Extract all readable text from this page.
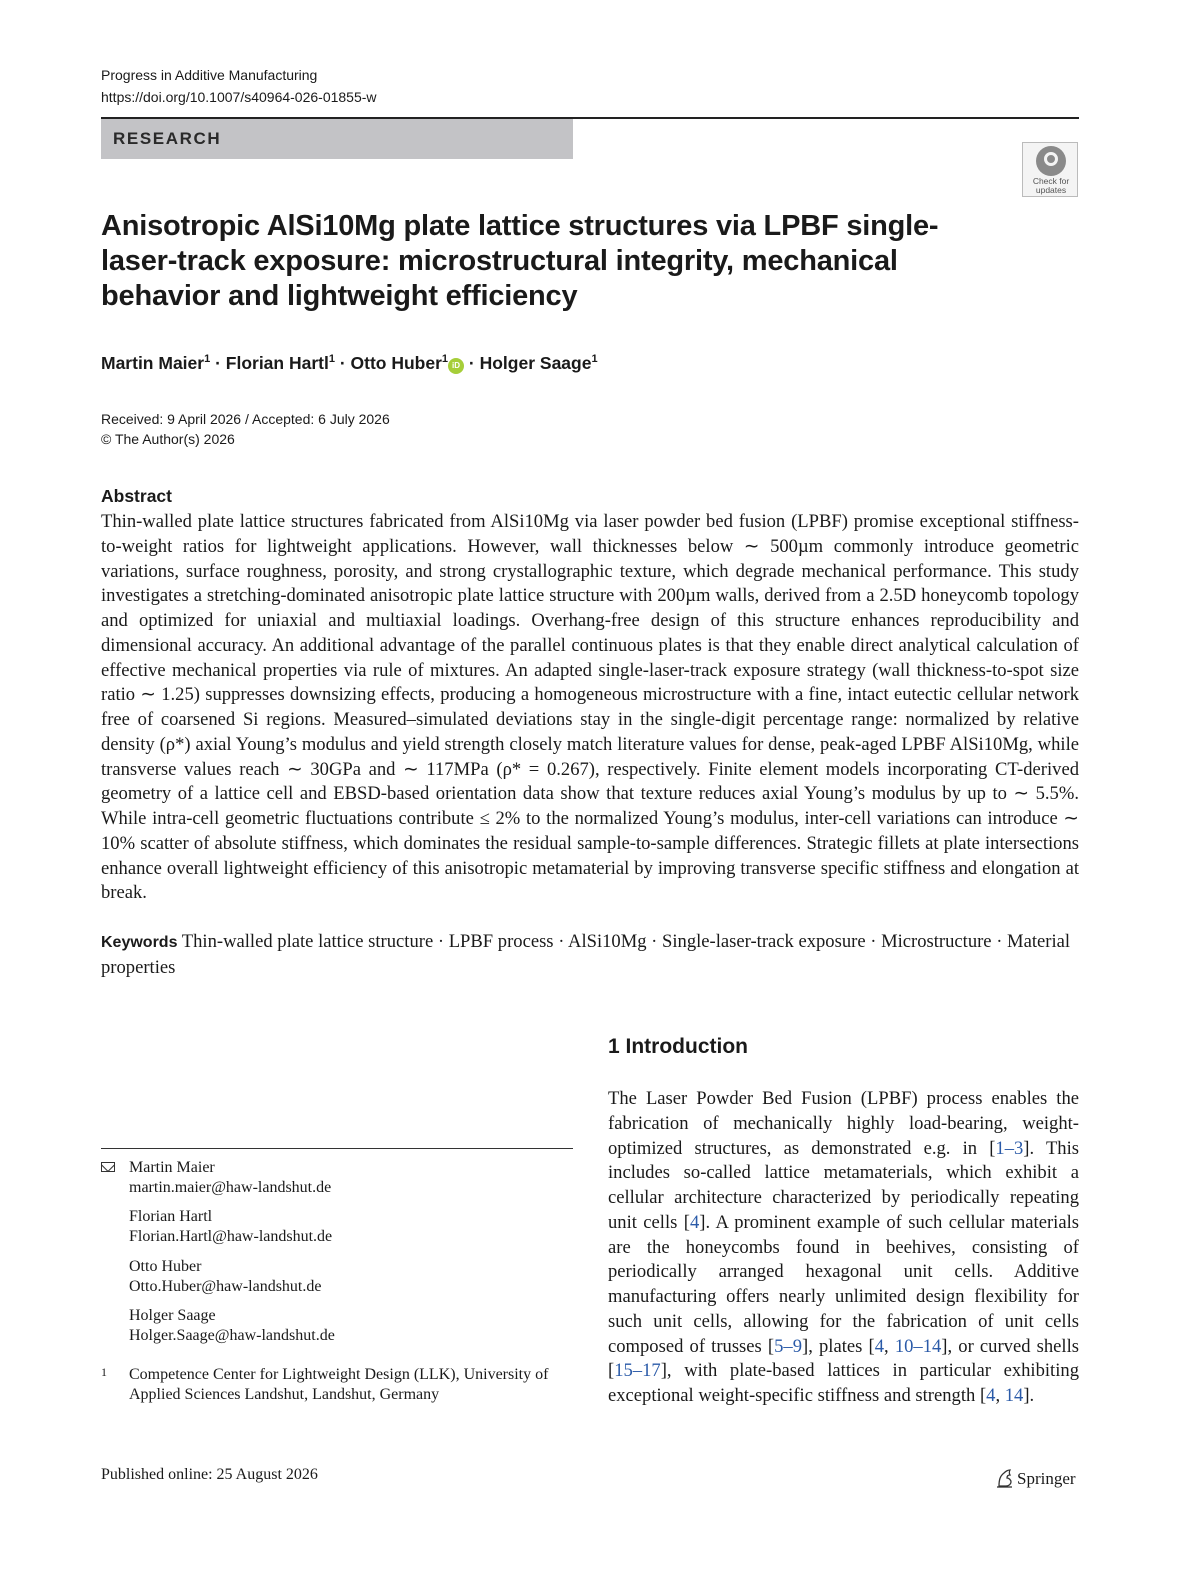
Progress in Additive Manufacturing
https://doi.org/10.1007/s40964-026-01855-w
RESEARCH
Check for updates
Anisotropic AlSi10Mg plate lattice structures via LPBF single-laser-track exposure: microstructural integrity, mechanical behavior and lightweight efficiency
Martin Maier$^1$ · Florian Hartl$^1$ · Otto Huber$^1$iD · Holger Saage$^1$
Received: 9 April 2026 / Accepted: 6 July 2026
© The Author(s) 2026
Abstract
Thin-walled plate lattice structures fabricated from AlSi10Mg via laser powder bed fusion (LPBF) promise exceptional stiffness-to-weight ratios for lightweight applications. However, wall thicknesses below ∼ 500µm commonly introduce geometric variations, surface roughness, porosity, and strong crystallographic texture, which degrade mechanical performance. This study investigates a stretching-dominated anisotropic plate lattice structure with 200µm walls, derived from a 2.5D honeycomb topology and optimized for uniaxial and multiaxial loadings. Overhang-free design of this structure enhances reproducibility and dimensional accuracy. An additional advantage of the parallel continuous plates is that they enable direct analytical calculation of effective mechanical properties via rule of mixtures. An adapted single-laser-track exposure strategy (wall thickness-to-spot size ratio ∼ 1.25) suppresses downsizing effects, producing a homogeneous microstructure with a fine, intact eutectic cellular network free of coarsened Si regions. Measured–simulated deviations stay in the single-digit percentage range: normalized by relative density (ρ*) axial Young’s modulus and yield strength closely match literature values for dense, peak-aged LPBF AlSi10Mg, while transverse values reach ∼ 30GPa and ∼ 117MPa (ρ* = 0.267), respectively. Finite element models incorporating CT-derived geometry of a lattice cell and EBSD-based orientation data show that texture reduces axial Young’s modulus by up to ∼ 5.5%. While intra-cell geometric fluctuations contribute ≤ 2% to the normalized Young’s modulus, inter-cell variations can introduce ∼ 10% scatter of absolute stiffness, which dominates the residual sample-to-sample differences. Strategic fillets at plate intersections enhance overall lightweight efficiency of this anisotropic metamaterial by improving transverse specific stiffness and elongation at break.
Keywords Thin-walled plate lattice structure · LPBF process · AlSi10Mg · Single-laser-track exposure · Microstructure · Material properties
1 Introduction
The Laser Powder Bed Fusion (LPBF) process enables the fabrication of mechanically highly load-bearing, weight-optimized structures, as demonstrated e.g. in [1–3]. This includes so-called lattice metamaterials, which exhibit a cellular architecture characterized by periodically repeating unit cells [4]. A prominent example of such cellular materials are the honeycombs found in beehives, consisting of periodically arranged hexagonal unit cells. Additive manufacturing offers nearly unlimited design flexibility for such unit cells, allowing for the fabrication of unit cells composed of trusses [5–9], plates [4, 10–14], or curved shells [15–17], with plate-based lattices in particular exhibiting exceptional weight-specific stiffness and strength [4, 14].
Martin Maier
martin.maier@haw-landshut.de
Florian Hartl
Florian.Hartl@haw-landshut.de
Otto Huber
Otto.Huber@haw-landshut.de
Holger Saage
Holger.Saage@haw-landshut.de
1 Competence Center for Lightweight Design (LLK), University of Applied Sciences Landshut, Landshut, Germany
Published online: 25 August 2026	Springer
